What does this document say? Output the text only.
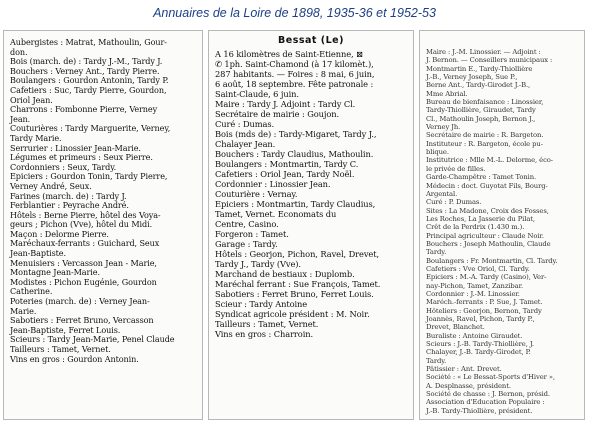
Annuaires de la Loire de 1898, 1935-36 et 1952-53
Aubergistes : Matrat, Mathoulin, Gour-
don.
Bois (march. de) : Tardy J.-M., Tardy J.
Bouchers : Verney Ant., Tardy Pierre.
Boulangers : Gourdon Antonin, Tardy P.
Cafetiers : Suc, Tardy Pierre, Gourdon,
Oriol Jean.
Charrons : Fombonne Pierre, Verney
Jean.
Couturières : Tardy Marguerite, Verney,
Tardy Marie.
Serrurier : Linossier Jean-Marie.
Légumes et primeurs : Seux Pierre.
Cordonniers : Seux, Tardy.
Epiciers : Gourdon Tonin, Tardy Pierre,
Verney André, Seux.
Farines (march. de) : Tardy J.
Ferblantier : Peyrache André.
Hôtels : Berne Pierre, hôtel des Voya-
geurs ; Pichon (Vve), hôtel du Midi.
Maçon : Delorme Pierre.
Maréchaux-ferrants : Guichard, Seux
Jean-Baptiste.
Menuisiers : Vercasson Jean - Marie,
Montagne Jean-Marie.
Modistes : Pichon Eugénie, Gourdon
Catherine.
Poteries (march. de) : Verney Jean-
Marie.
Sabotiers : Ferret Bruno, Vercasson
Jean-Baptiste, Ferret Louis.
Scieurs : Tardy Jean-Marie, Penel Claude
Tailleurs : Tamet, Vernet.
Vins en gros : Gourdon Antonin.
Bessat (Le)
A 16 kilomètres de Saint-Etienne, ⊠
✆ 1ph. Saint-Chamond (à 17 kilomèt.),
287 habitants. — Foires : 8 mai, 6 juin,
6 août, 18 septembre. Fête patronale :
Saint-Claude, 6 juin.
Maire : Tardy J. Adjoint : Tardy Cl.
Secrétaire de mairie : Goujon.
Curé : Dumas.
Bois (mds de) : Tardy-Migaret, Tardy J.,
Chalayer Jean.
Bouchers : Tardy Claudius, Mathoulin.
Boulangers : Montmartin, Tardy C.
Cafetiers : Oriol Jean, Tardy Noël.
Cordonnier : Linossier Jean.
Couturière : Vernay.
Epiciers : Montmartin, Tardy Claudius,
Tamet, Vernet. Economats du
Centre, Casino.
Forgeron : Tamet.
Garage : Tardy.
Hôtels : Georjon, Pichon, Ravel, Drevet,
Tardy J., Tardy (Vve).
Marchand de bestiaux : Duplomb.
Maréchal ferrant : Sue François, Tamet.
Sabotiers : Ferret Bruno, Ferret Louis.
Scieur : Tardy Antoine
Syndicat agricole président : M. Noir.
Tailleurs : Tamet, Vernet.
Vins en gros : Charroin.
Maire : J.-M. Linossier. — Adjoint :
J. Bernon. — Conseillers municipaux :
Montmartin E., Tardy-Thiollière
J.-B., Verney Joseph, Sue P.,
Berne Ant., Tardy-Girodet J.-B.,
Mme Abrial.
Bureau de bienfaisance : Linossier,
Tardy-Thiollière, Giraudet, Tardy
Cl., Mathoulin Joseph, Bernon J.,
Verney Jh.
Secrétaire de mairie : R. Bargeton.
Instituteur : R. Bargeton, école pu-
blique.
Institutrice : Mlle M.-L. Delorme, éco-
le privée de filles.
Garde-Champêtre : Tamet Tonin.
Médecin : doct. Guyotat Fils, Bourg-
Argental.
Curé : P. Dumas.
Sites : La Madone, Croix des Fosses,
Les Roches, La Jasserie du Pilat,
Crêt de la Perdrix (1.430 m.).
Principal agriculteur : Claude Noir.
Bouchers : Joseph Mathoulin, Claude
Tardy.
Boulangers : Fr. Montmartin, Cl. Tardy.
Cafetiers : Vve Oriol, Cl. Tardy.
Epiciers : M.-A. Tardy (Casino), Ver-
nay-Pichon, Tamet, Zanzibar.
Cordonnier : J.-M. Linossier.
Maréch.-ferrants : P. Sue, J. Tamet.
Hôteliers : Georjon, Bernon, Tardy
Joannès, Ravel, Pichon, Tardy P.,
Drevet, Blanchet.
Buraliste : Antoine Giraudet.
Scieurs : J.-B. Tardy-Thiollière, J.
Chalayer, J.-B. Tardy-Girodet, P.
Tardy.
Pâtissier : Ant. Drevet.
Société : « Le Bessat-Sports d'Hiver »,
A. Desplnasse, président.
Société de chasse : J. Bernon, présid.
Association d'Education Populaire :
J.-B. Tardy-Thiollière, président.
